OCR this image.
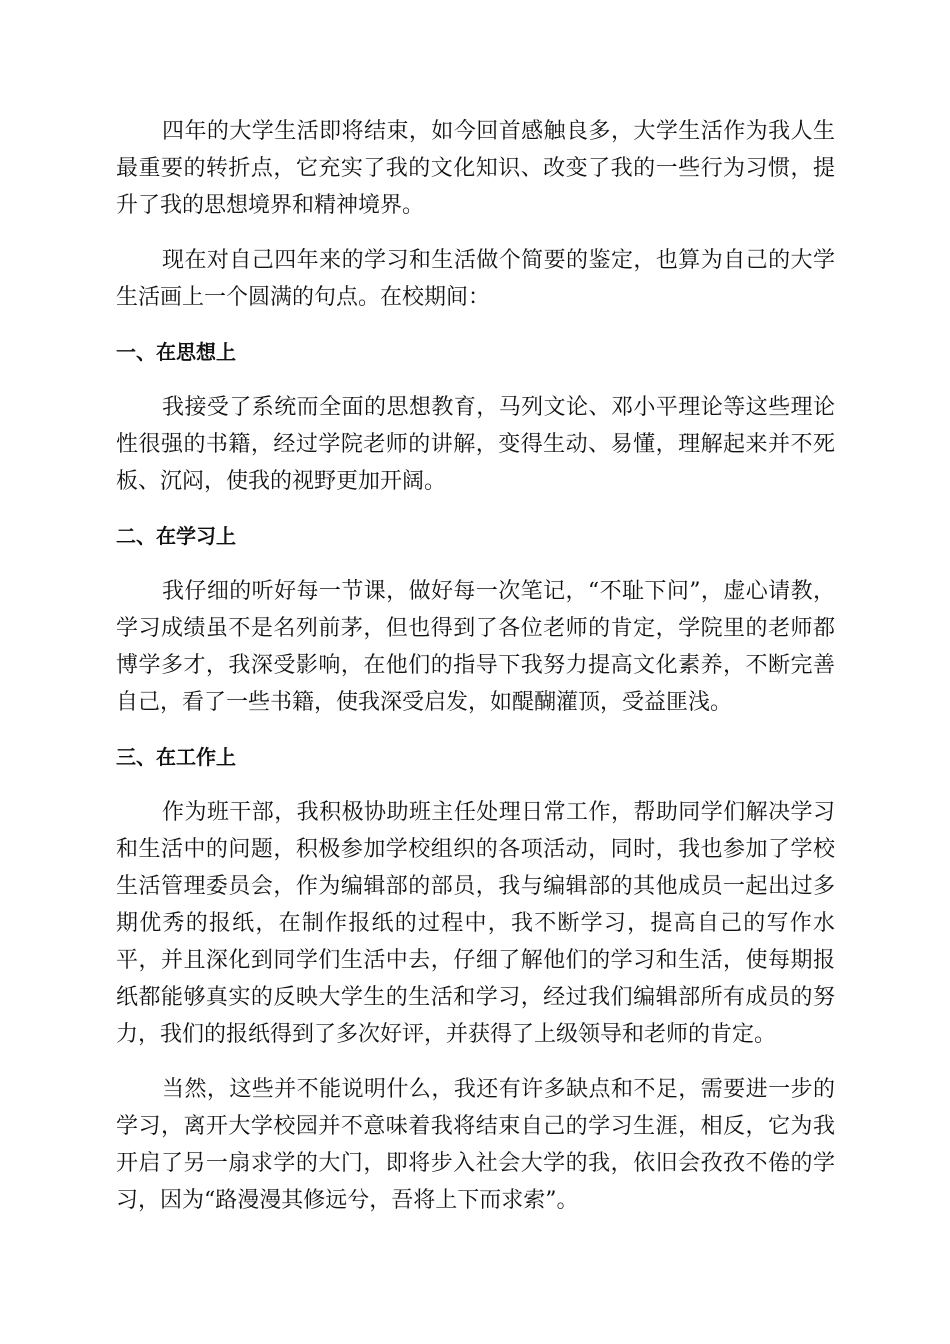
四年的大学生活即将结束，如今回首感触良多，大学生活作为我人生最重要的转折点，它充实了我的文化知识、改变了我的一些行为习惯，提升了我的思想境界和精神境界。

现在对自己四年来的学习和生活做个简要的鉴定，也算为自己的大学生活画上一个圆满的句点。在校期间：

一、在思想上

我接受了系统而全面的思想教育，马列文论、邓小平理论等这些理论性很强的书籍，经过学院老师的讲解，变得生动、易懂，理解起来并不死板、沉闷，使我的视野更加开阔。

二、在学习上

我仔细的听好每一节课，做好每一次笔记，“不耻下问”，虚心请教，学习成绩虽不是名列前茅，但也得到了各位老师的肯定，学院里的老师都博学多才，我深受影响，在他们的指导下我努力提高文化素养，不断完善自己，看了一些书籍，使我深受启发，如醍醐灌顶，受益匪浅。

三、在工作上

作为班干部，我积极协助班主任处理日常工作，帮助同学们解决学习和生活中的问题，积极参加学校组织的各项活动，同时，我也参加了学校生活管理委员会，作为编辑部的部员，我与编辑部的其他成员一起出过多期优秀的报纸，在制作报纸的过程中，我不断学习，提高自己的写作水平，并且深化到同学们生活中去，仔细了解他们的学习和生活，使每期报纸都能够真实的反映大学生的生活和学习，经过我们编辑部所有成员的努力，我们的报纸得到了多次好评，并获得了上级领导和老师的肯定。

当然，这些并不能说明什么，我还有许多缺点和不足，需要进一步的学习，离开大学校园并不意味着我将结束自己的学习生涯，相反，它为我开启了另一扇求学的大门，即将步入社会大学的我，依旧会孜孜不倦的学习，因为“路漫漫其修远兮，吾将上下而求索”。
